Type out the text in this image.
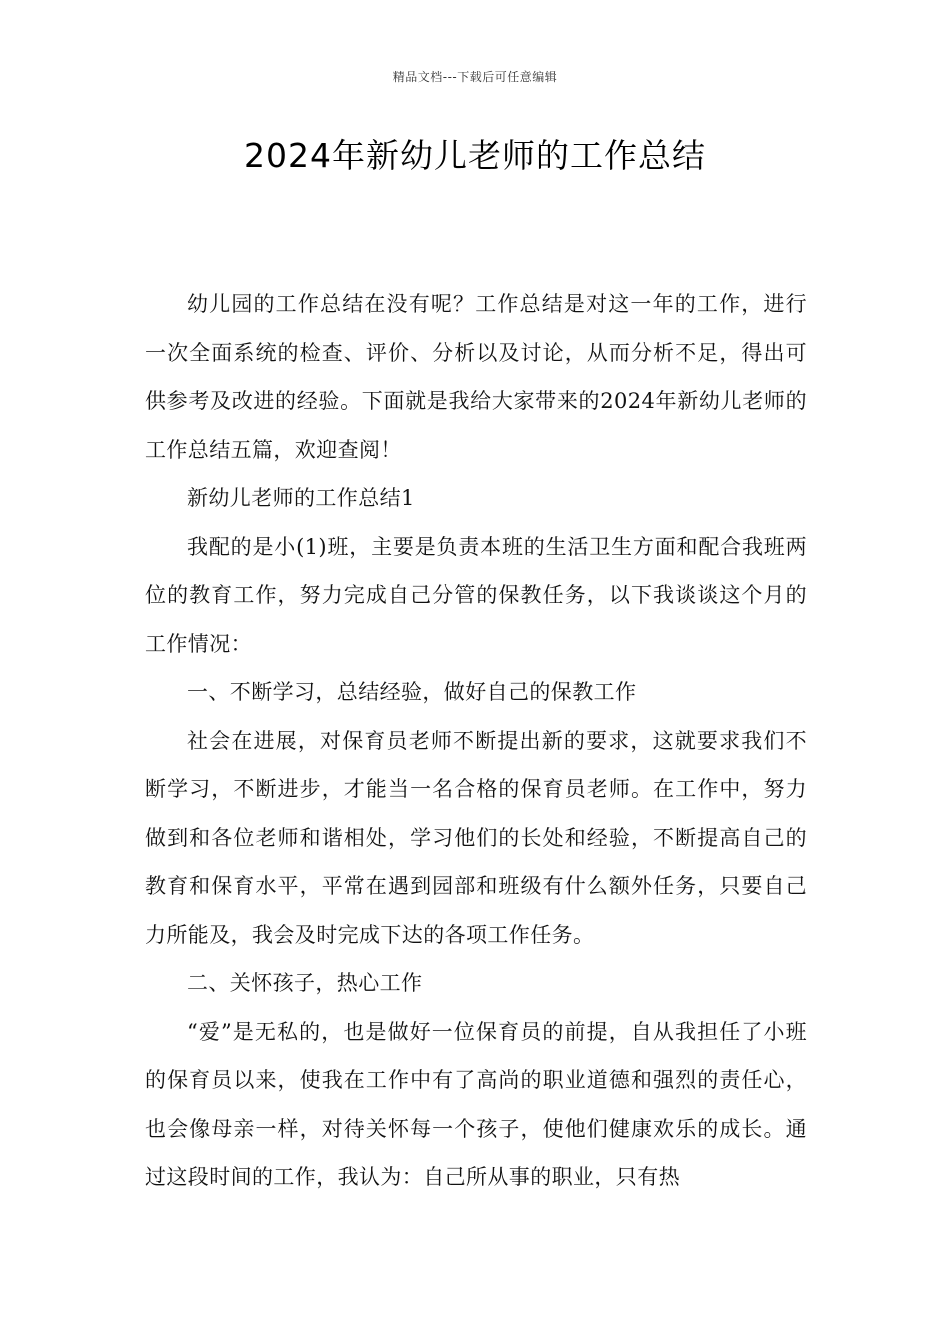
精品文档---下载后可任意编辑
2024年新幼儿老师的工作总结

幼儿园的工作总结在没有呢？工作总结是对这一年的工作，进行一次全面系统的检查、评价、分析以及讨论，从而分析不足，得出可供参考及改进的经验。下面就是我给大家带来的2024年新幼儿老师的工作总结五篇，欢迎查阅！

新幼儿老师的工作总结1

我配的是小(1)班，主要是负责本班的生活卫生方面和配合我班两位的教育工作，努力完成自己分管的保教任务，以下我谈谈这个月的工作情况：

一、不断学习，总结经验，做好自己的保教工作

社会在进展，对保育员老师不断提出新的要求，这就要求我们不断学习，不断进步，才能当一名合格的保育员老师。在工作中，努力做到和各位老师和谐相处，学习他们的长处和经验，不断提高自己的教育和保育水平，平常在遇到园部和班级有什么额外任务，只要自己力所能及，我会及时完成下达的各项工作任务。

二、关怀孩子，热心工作

“爱”是无私的，也是做好一位保育员的前提，自从我担任了小班的保育员以来，使我在工作中有了高尚的职业道德和强烈的责任心，也会像母亲一样，对待关怀每一个孩子，使他们健康欢乐的成长。通过这段时间的工作，我认为：自己所从事的职业，只有热
